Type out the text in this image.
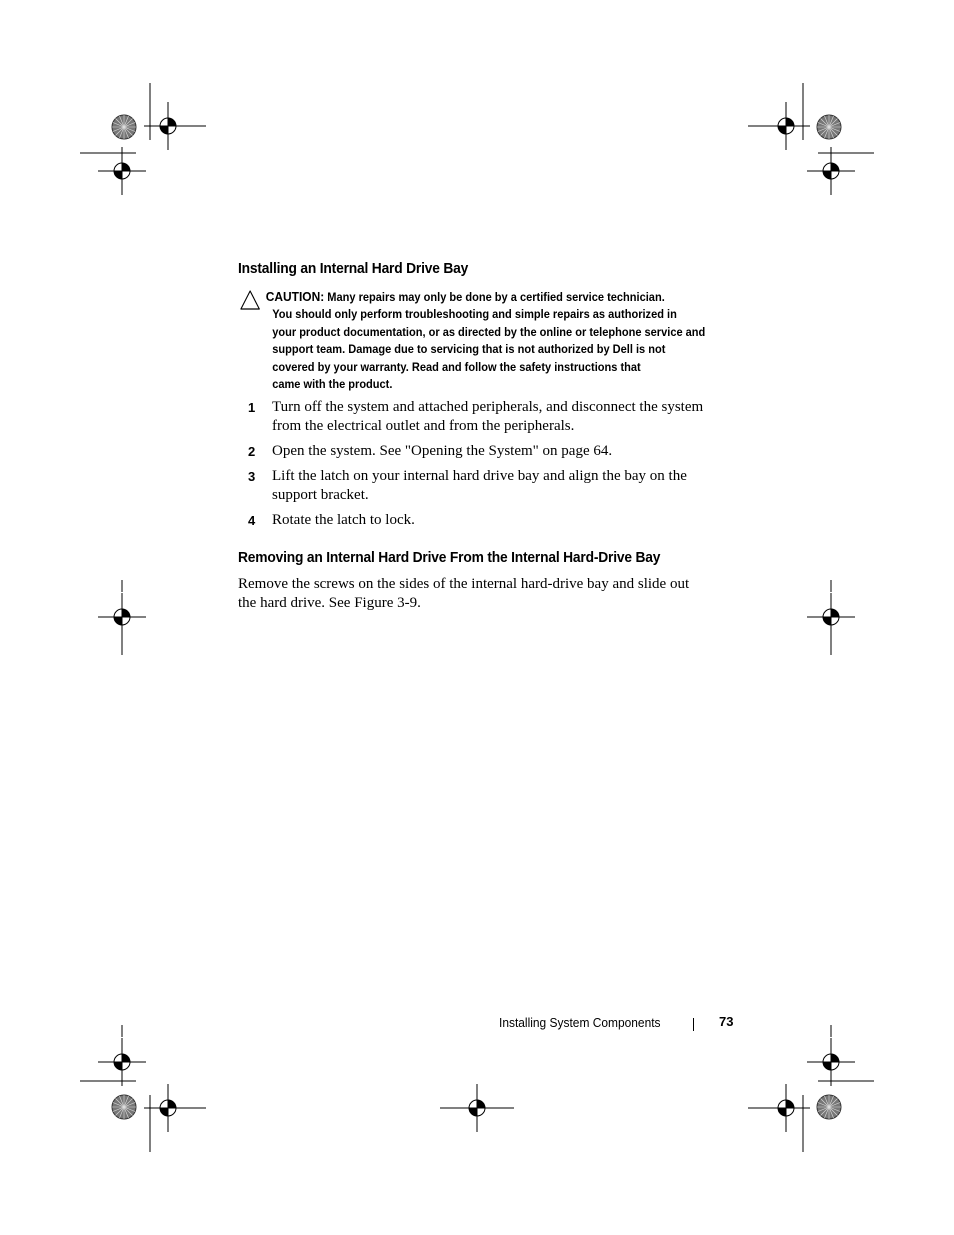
Installing an Internal Hard Drive Bay
CAUTION: Many repairs may only be done by a certified service technician.
You should only perform troubleshooting and simple repairs as authorized in
your product documentation, or as directed by the online or telephone service and
support team. Damage due to servicing that is not authorized by Dell is not
covered by your warranty. Read and follow the safety instructions that
came with the product.
1 Turn off the system and attached peripherals, and disconnect the system
from the electrical outlet and from the peripherals.
2 Open the system. See "Opening the System" on page 64.
3 Lift the latch on your internal hard drive bay and align the bay on the
support bracket.
4 Rotate the latch to lock.
Removing an Internal Hard Drive From the Internal Hard-Drive Bay
Remove the screws on the sides of the internal hard-drive bay and slide out
the hard drive. See Figure 3-9.
Installing System Components	73
